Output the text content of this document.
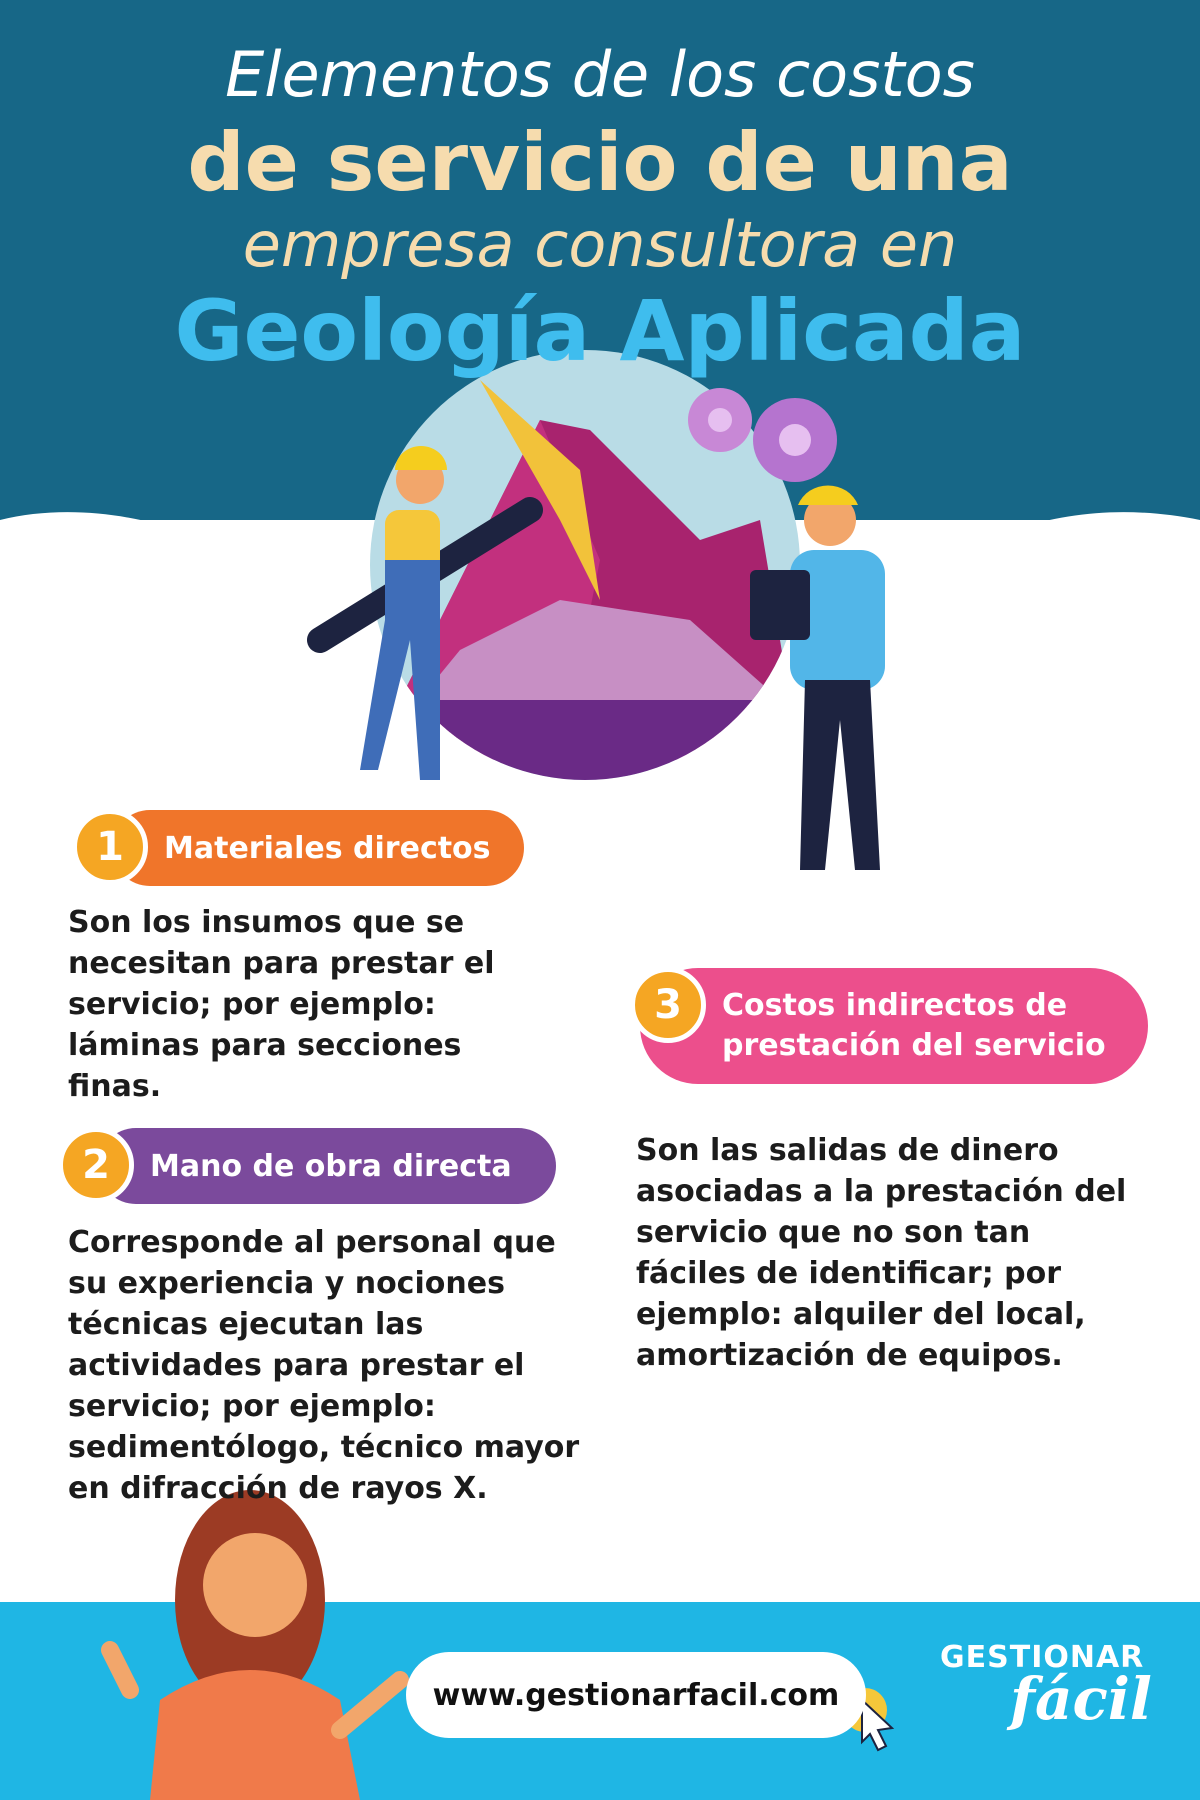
Elementos de los costos
de servicio de una
empresa consultora en
Geología Aplicada
Materiales directos
1
Son los insumos que se
necesitan para prestar el
servicio; por ejemplo:
láminas para secciones
finas.
Mano de obra directa
2
Corresponde al personal que
su experiencia y nociones
técnicas ejecutan las
actividades para prestar el
servicio; por ejemplo:
sedimentólogo, técnico mayor
en difracción de rayos X.
Costos indirectos de
prestación del servicio
3
Son las salidas de dinero
asociadas a la prestación del
servicio que no son tan
fáciles de identificar; por
ejemplo: alquiler del local,
amortización de equipos.
www.gestionarfacil.com
GESTIONAR
fácil
